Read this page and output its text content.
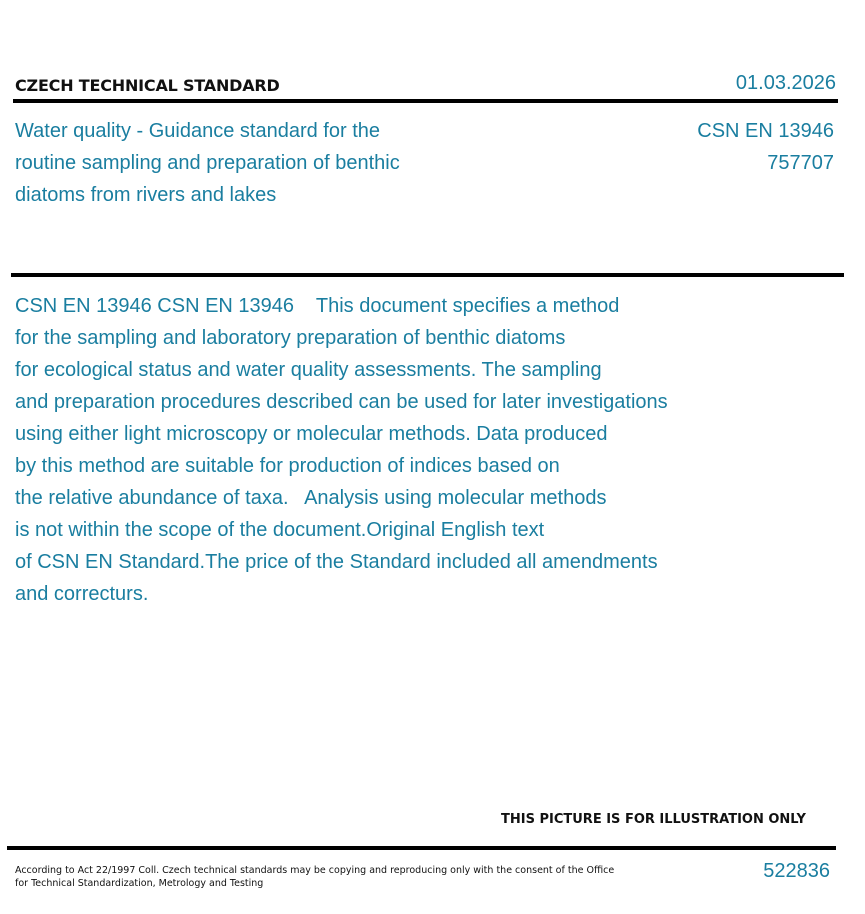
CZECH TECHNICAL STANDARD	01.03.2026
Water quality - Guidance standard for the
routine sampling and preparation of benthic
diatoms from rivers and lakes
CSN EN 13946
757707
CSN EN 13946 CSN EN 13946    This document specifies a method
for the sampling and laboratory preparation of benthic diatoms
for ecological status and water quality assessments. The sampling
and preparation procedures described can be used for later investigations
using either light microscopy or molecular methods. Data produced
by this method are suitable for production of indices based on
the relative abundance of taxa.   Analysis using molecular methods
is not within the scope of the document.Original English text
of CSN EN Standard.The price of the Standard included all amendments
and correcturs.
THIS PICTURE IS FOR ILLUSTRATION ONLY
According to Act 22/1997 Coll. Czech technical standards may be copying and reproducing only with the consent of the Office
for Technical Standardization, Metrology and Testing
522836
